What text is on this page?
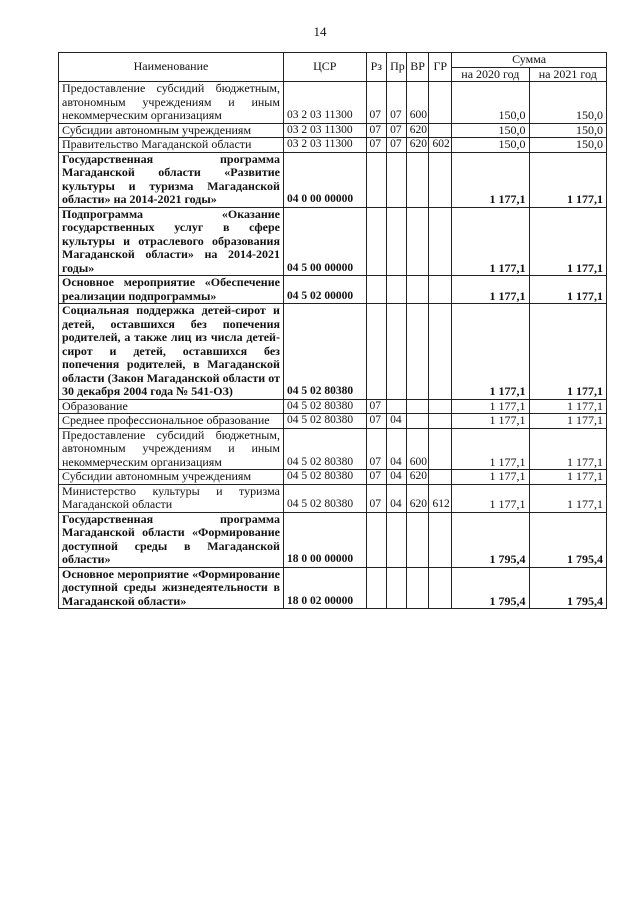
14
Наименование	ЦСР	Рз	Пр	ВР	ГР	Сумма	
						на 2020 год	на 2021 год
Предоставление субсидий бюджетным, автономным учреждениям и иным некоммерческим организациям	03 2 03 11300	07	07	600		150,0	150,0
Субсидии автономным учреждениям	03 2 03 11300	07	07	620		150,0	150,0
Правительство Магаданской области	03 2 03 11300	07	07	620	602	150,0	150,0
Государственная программа Магаданской области «Развитие культуры и туризма Магаданской области» на 2014-2021 годы»	04 0 00 00000					1 177,1	1 177,1
Подпрограмма «Оказание государственных услуг в сфере культуры и отраслевого образования Магаданской области» на 2014-2021 годы»	04 5 00 00000					1 177,1	1 177,1
Основное мероприятие «Обеспечение реализации подпрограммы»	04 5 02 00000					1 177,1	1 177,1
Социальная поддержка детей-сирот и детей, оставшихся без попечения родителей, а также лиц из числа детей-сирот и детей, оставшихся без попечения родителей, в Магаданской области (Закон Магаданской области от 30 декабря 2004 года № 541-ОЗ)	04 5 02 80380					1 177,1	1 177,1
Образование	04 5 02 80380	07				1 177,1	1 177,1
Среднее профессиональное образование	04 5 02 80380	07	04			1 177,1	1 177,1
Предоставление субсидий бюджетным, автономным учреждениям и иным некоммерческим организациям	04 5 02 80380	07	04	600		1 177,1	1 177,1
Субсидии автономным учреждениям	04 5 02 80380	07	04	620		1 177,1	1 177,1
Министерство культуры и туризма Магаданской области	04 5 02 80380	07	04	620	612	1 177,1	1 177,1
Государственная программа Магаданской области «Формирование доступной среды в Магаданской области»	18 0 00 00000					1 795,4	1 795,4
Основное мероприятие «Формирование доступной среды жизнедеятельности в Магаданской области»	18 0 02 00000					1 795,4	1 795,4
